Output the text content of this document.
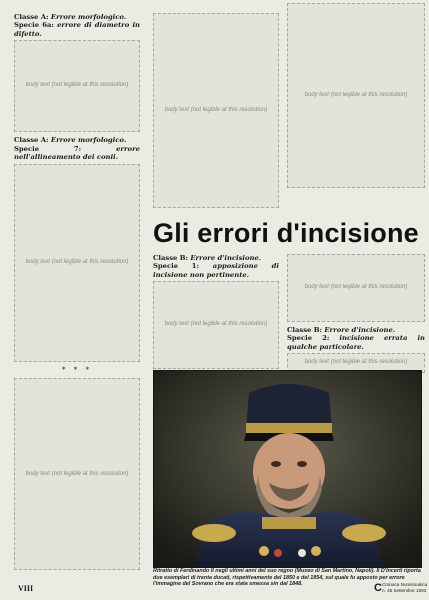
Classe A: Errore morfologico.
Specie 6a: errore di diametro in difetto.
body text (not legible at this resolution)
Classe A: Errore morfologico.
Specie 7:	errore nell'allineamento dei conii.
body text (not legible at this resolution)
* * *
body text (not legible at this resolution)
body text (not legible at this resolution)
body text (not legible at this resolution)
Gli errori d'incisione
Classe B: Errore d'incisione.
Specie 1: apposizione di incisione non pertinente.
body text (not legible at this resolution)
body text (not legible at this resolution)
Classe B: Errore d'incisione.
Specie 2: incisione errata in qualche particolare.
body text (not legible at this resolution)
Ritratto di Ferdinando II negli ultimi anni del suo regno (Museo di San Martino, Napoli). Il D'Incerti riporta due esemplari di trenta ducati, rispettivamente del 1850 e del 1854, sul quale fu apposto per errore l'immagine del Sovrano che era stata smessa sin dal 1848.
VIII	C Cronaca Numismatica
n. 45 Settembre 1993
